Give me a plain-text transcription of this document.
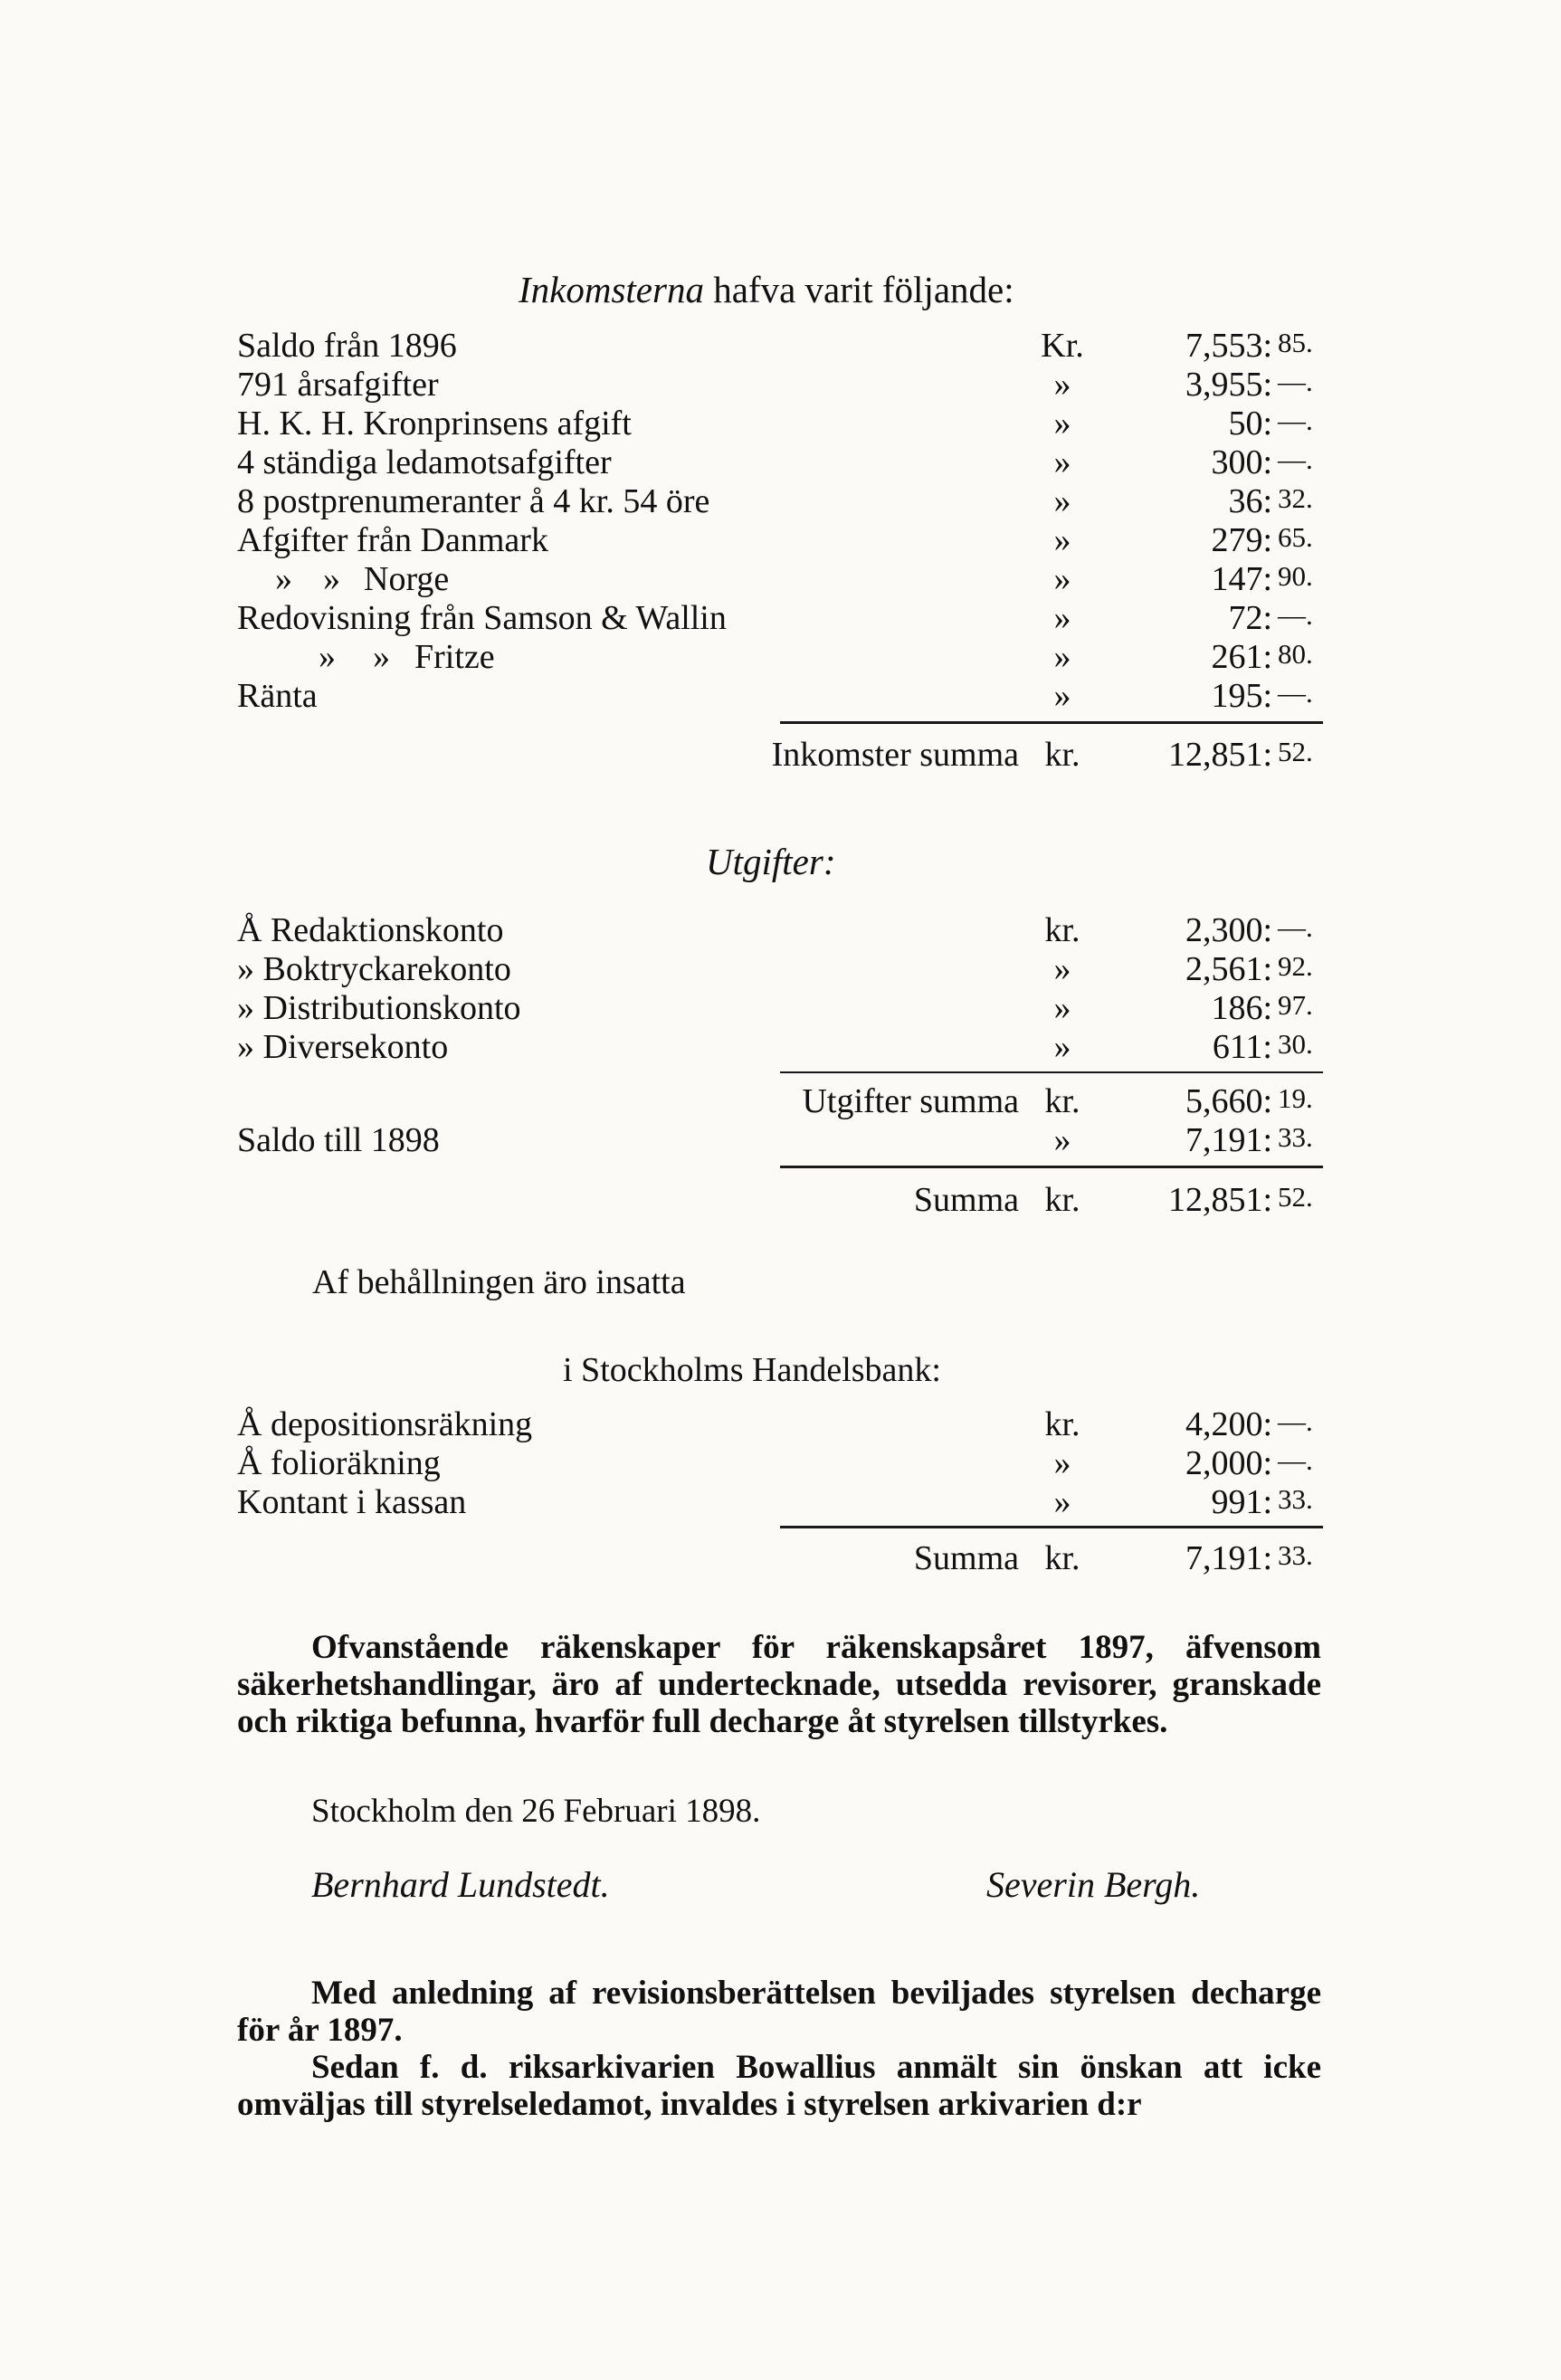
Inkomsterna hafva varit följande:
Saldo från 1896	Kr.	7,553: 85.
791 årsafgifter	»	3,955: —.
H. K. H. Kronprinsens afgift	»	50: —.
4 ständiga ledamotsafgifter	»	300: —.
8 postprenumeranter å 4 kr. 54 öre	»	36: 32.
Afgifter från Danmark	»	279: 65.
» » Norge	»	147: 90.
Redovisning från Samson & Wallin	»	72: —.
» » Fritze	»	261: 80.
Ränta	»	195: —.
Inkomster summa kr.	12,851: 52.
Utgifter:
Å Redaktionskonto	kr.	2,300: —.
» Boktryckarekonto	»	2,561: 92.
» Distributionskonto	»	186: 97.
» Diversekonto	»	611: 30.
Utgifter summa kr.	5,660: 19.
Saldo till 1898	»	7,191: 33.
Summa kr.	12,851: 52.
Af behållningen äro insatta
i Stockholms Handelsbank:
Å depositionsräkning	kr.	4,200: —.
Å folioräkning	»	2,000: —.
Kontant i kassan	»	991: 33.
Summa kr.	7,191: 33.
Ofvanstående räkenskaper för räkenskapsåret 1897, äfvensom säkerhetshandlingar, äro af undertecknade, utsedda revisorer, granskade och riktiga befunna, hvarför full decharge åt styrelsen tillstyrkes.
Stockholm den 26 Februari 1898.
Bernhard Lundstedt.	Severin Bergh.
Med anledning af revisionsberättelsen beviljades styrelsen decharge för år 1897.
Sedan f. d. riksarkivarien Bowallius anmält sin önskan att icke omväljas till styrelseledamot, invaldes i styrelsen arkivarien d:r
